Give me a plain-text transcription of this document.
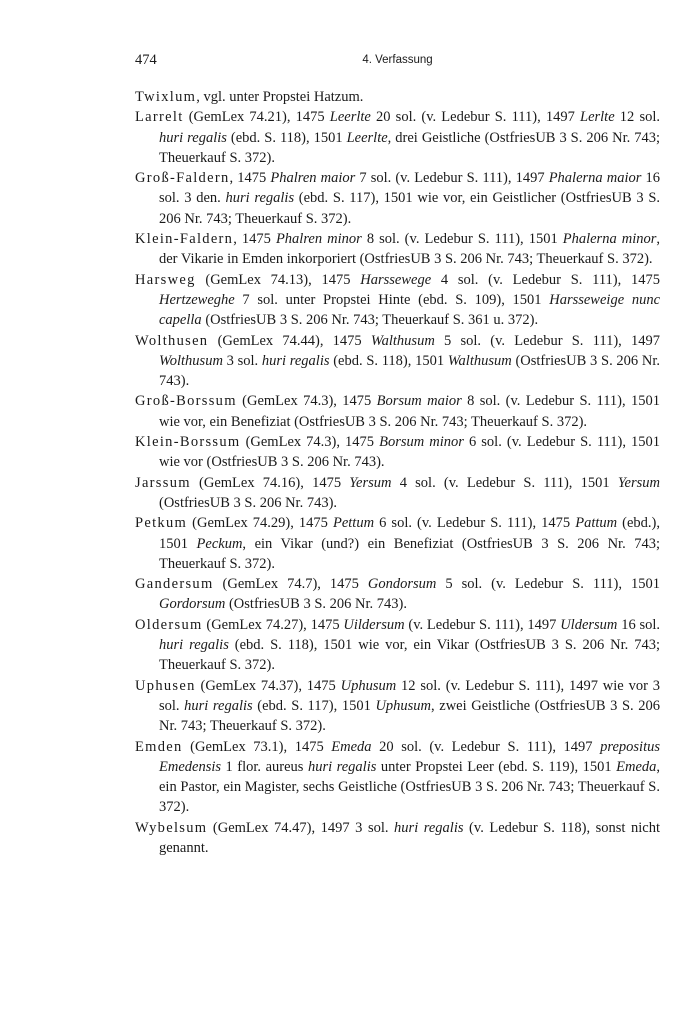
474	4. Verfassung

Twixlum, vgl. unter Propstei Hatzum.

Larrelt (GemLex 74.21), 1475 Leerlte 20 sol. (v. Ledebur S. 111), 1497 Lerlte 12 sol. huri regalis (ebd. S. 118), 1501 Leerlte, drei Geistliche (OstfriesUB 3 S. 206 Nr. 743; Theuerkauf S. 372).

Groß-Faldern, 1475 Phalren maior 7 sol. (v. Ledebur S. 111), 1497 Phalerna maior 16 sol. 3 den. huri regalis (ebd. S. 117), 1501 wie vor, ein Geistlicher (OstfriesUB 3 S. 206 Nr. 743; Theuerkauf S. 372).

Klein-Faldern, 1475 Phalren minor 8 sol. (v. Ledebur S. 111), 1501 Phalerna minor, der Vikarie in Emden inkorporiert (OstfriesUB 3 S. 206 Nr. 743; Theuerkauf S. 372).

Harsweg (GemLex 74.13), 1475 Harssewege 4 sol. (v. Ledebur S. 111), 1475 Hertzeweghe 7 sol. unter Propstei Hinte (ebd. S. 109), 1501 Harsseweige nunc capella (OstfriesUB 3 S. 206 Nr. 743; Theuerkauf S. 361 u. 372).

Wolthusen (GemLex 74.44), 1475 Walthusum 5 sol. (v. Ledebur S. 111), 1497 Wolthusum 3 sol. huri regalis (ebd. S. 118), 1501 Walthusum (OstfriesUB 3 S. 206 Nr. 743).

Groß-Borssum (GemLex 74.3), 1475 Borsum maior 8 sol. (v. Ledebur S. 111), 1501 wie vor, ein Benefiziat (OstfriesUB 3 S. 206 Nr. 743; Theuerkauf S. 372).

Klein-Borssum (GemLex 74.3), 1475 Borsum minor 6 sol. (v. Ledebur S. 111), 1501 wie vor (OstfriesUB 3 S. 206 Nr. 743).

Jarssum (GemLex 74.16), 1475 Yersum 4 sol. (v. Ledebur S. 111), 1501 Yersum (OstfriesUB 3 S. 206 Nr. 743).

Petkum (GemLex 74.29), 1475 Pettum 6 sol. (v. Ledebur S. 111), 1475 Pattum (ebd.), 1501 Peckum, ein Vikar (und?) ein Benefiziat (OstfriesUB 3 S. 206 Nr. 743; Theuerkauf S. 372).

Gandersum (GemLex 74.7), 1475 Gondorsum 5 sol. (v. Ledebur S. 111), 1501 Gordorsum (OstfriesUB 3 S. 206 Nr. 743).

Oldersum (GemLex 74.27), 1475 Uildersum (v. Ledebur S. 111), 1497 Uldersum 16 sol. huri regalis (ebd. S. 118), 1501 wie vor, ein Vikar (OstfriesUB 3 S. 206 Nr. 743; Theuerkauf S. 372).

Uphusen (GemLex 74.37), 1475 Uphusum 12 sol. (v. Ledebur S. 111), 1497 wie vor 3 sol. huri regalis (ebd. S. 117), 1501 Uphusum, zwei Geistliche (OstfriesUB 3 S. 206 Nr. 743; Theuerkauf S. 372).

Emden (GemLex 73.1), 1475 Emeda 20 sol. (v. Ledebur S. 111), 1497 prepositus Emedensis 1 flor. aureus huri regalis unter Propstei Leer (ebd. S. 119), 1501 Emeda, ein Pastor, ein Magister, sechs Geistliche (OstfriesUB 3 S. 206 Nr. 743; Theuerkauf S. 372).

Wybelsum (GemLex 74.47), 1497 3 sol. huri regalis (v. Ledebur S. 118), sonst nicht genannt.
